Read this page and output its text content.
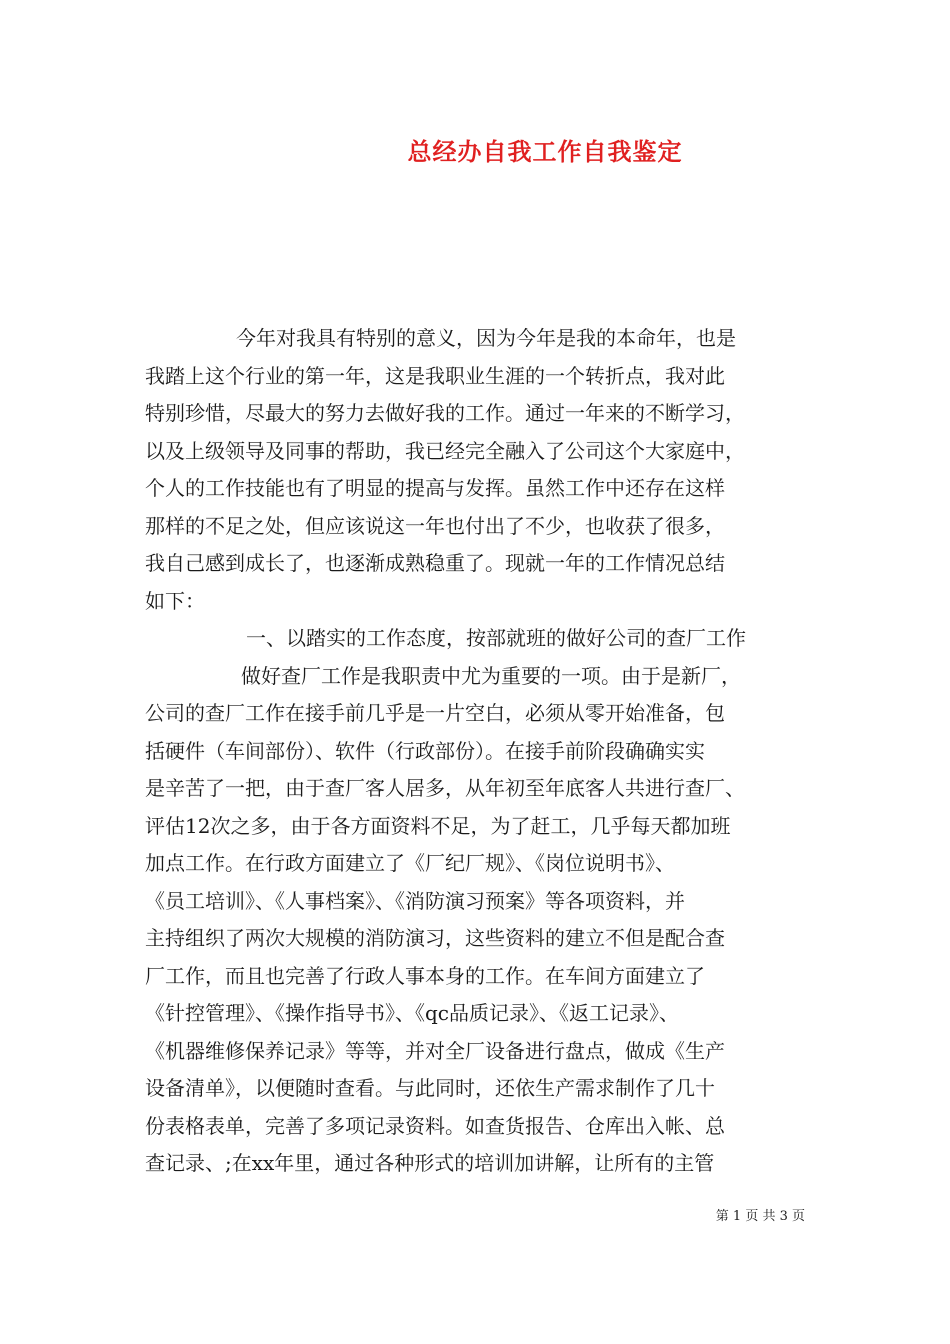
总经办自我工作自我鉴定
今年对我具有特别的意义，因为今年是我的本命年，也是
我踏上这个行业的第一年，这是我职业生涯的一个转折点，我对此
特别珍惜，尽最大的努力去做好我的工作。通过一年来的不断学习，
以及上级领导及同事的帮助，我已经完全融入了公司这个大家庭中，
个人的工作技能也有了明显的提高与发挥。虽然工作中还存在这样
那样的不足之处，但应该说这一年也付出了不少，也收获了很多，
我自己感到成长了，也逐渐成熟稳重了。现就一年的工作情况总结
如下：
一、以踏实的工作态度，按部就班的做好公司的查厂工作
做好查厂工作是我职责中尤为重要的一项。由于是新厂，
公司的查厂工作在接手前几乎是一片空白，必须从零开始准备，包
括硬件（车间部份）、软件（行政部份）。在接手前阶段确确实实
是辛苦了一把，由于查厂客人居多，从年初至年底客人共进行查厂、
评估12次之多，由于各方面资料不足，为了赶工，几乎每天都加班
加点工作。在行政方面建立了《厂纪厂规》、《岗位说明书》、
《员工培训》、《人事档案》、《消防演习预案》等各项资料，并
主持组织了两次大规模的消防演习，这些资料的建立不但是配合查
厂工作，而且也完善了行政人事本身的工作。在车间方面建立了
《针控管理》、《操作指导书》、《qc品质记录》、《返工记录》、
《机器维修保养记录》等等，并对全厂设备进行盘点，做成《生产
设备清单》，以便随时查看。与此同时，还依生产需求制作了几十
份表格表单，完善了多项记录资料。如查货报告、仓库出入帐、总
查记录、;在xx年里，通过各种形式的培训加讲解，让所有的主管
第 1 页 共 3 页
